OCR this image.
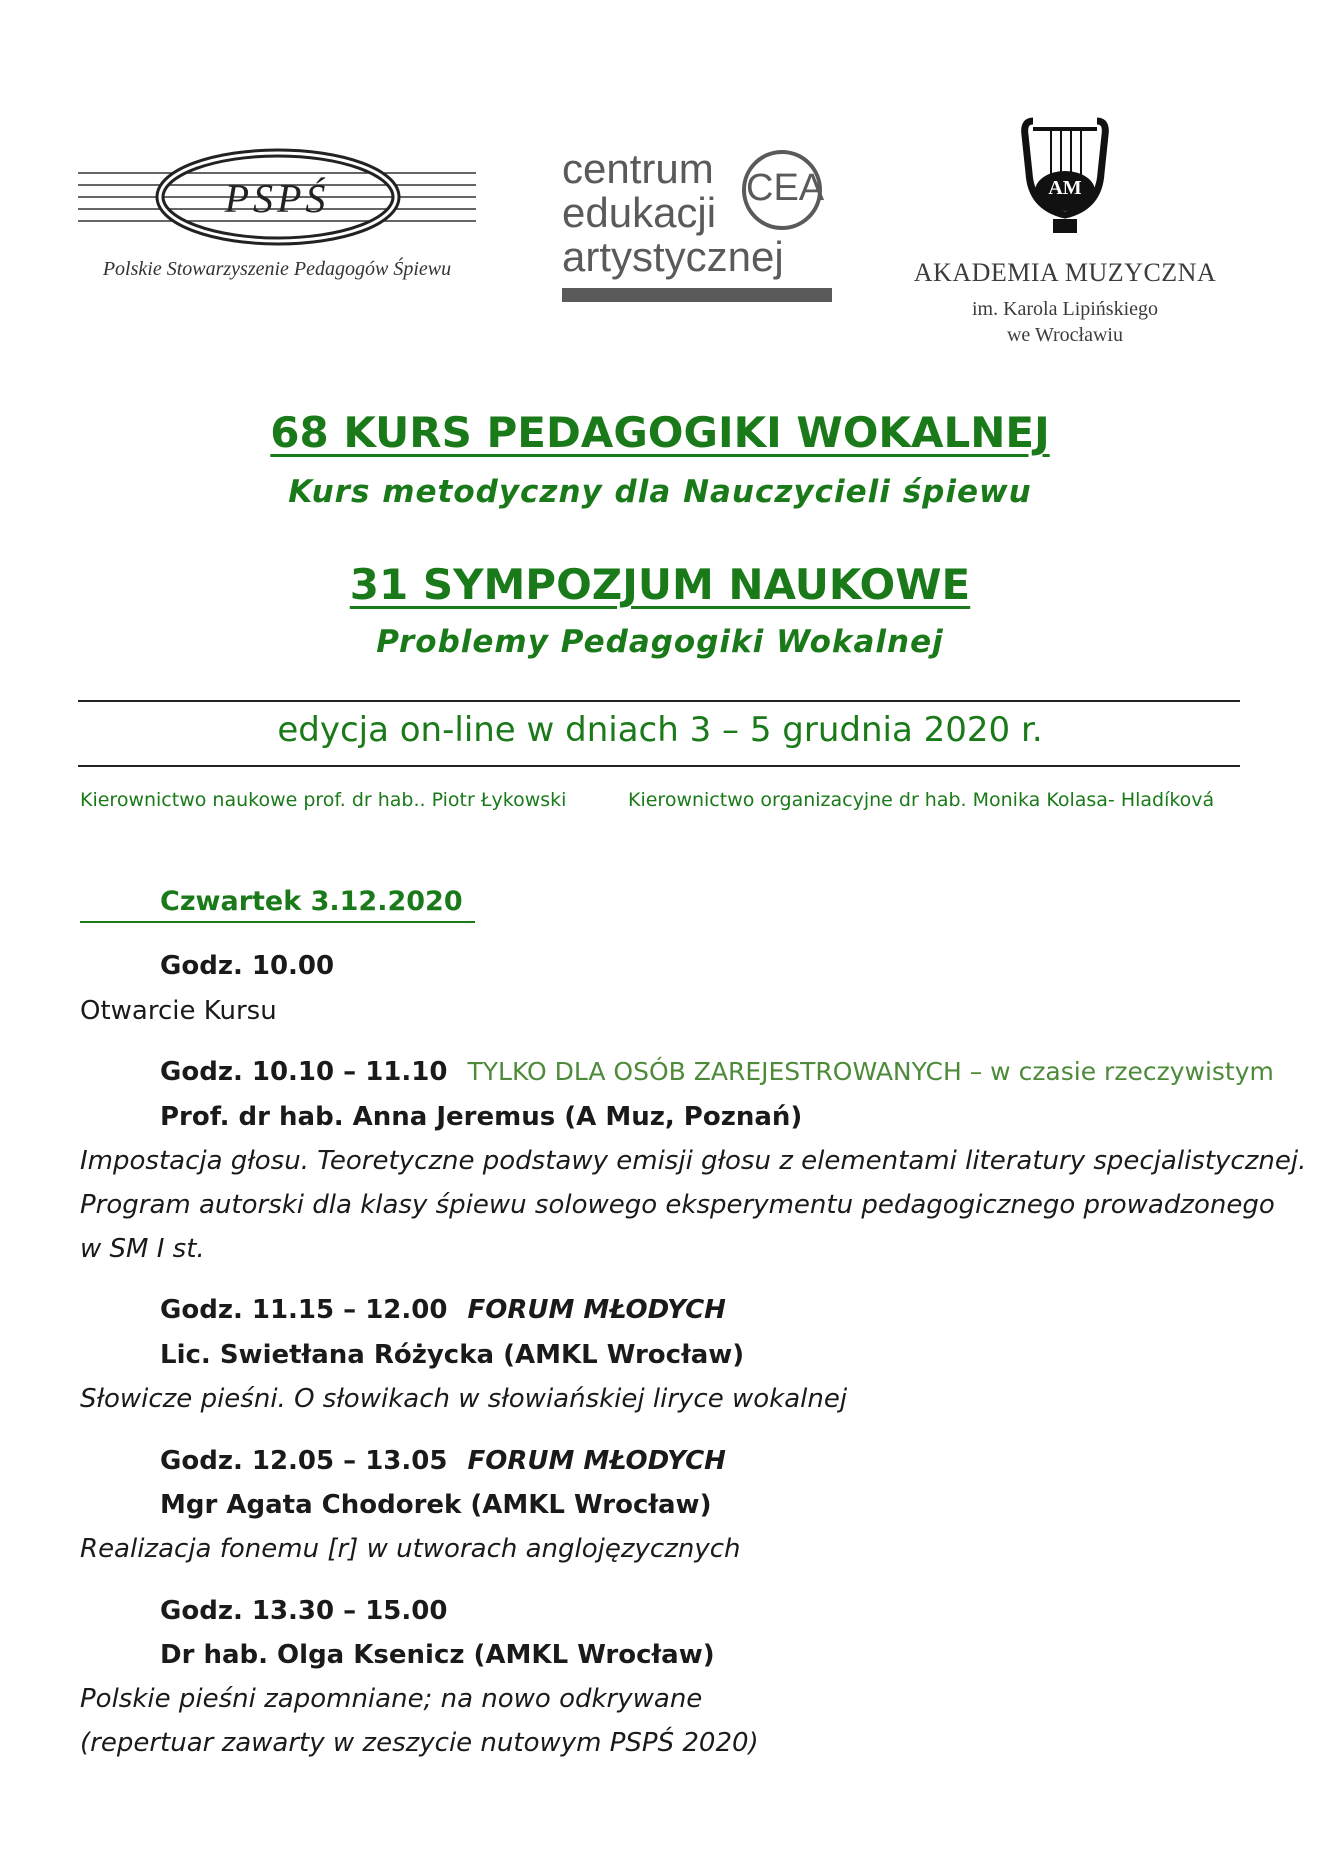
PSPŚ
Polskie Stowarzyszenie Pedagogów Śpiewu
centrum
edukacji
artystycznej
CEA	AM
AKADEMIA MUZYCZNA
im. Karola Lipińskiego
we Wrocławiu
68 KURS PEDAGOGIKI WOKALNEJ
Kurs metodyczny dla Nauczycieli śpiewu
31 SYMPOZJUM NAUKOWE
Problemy Pedagogiki Wokalnej
edycja on-line w dniach 3 – 5 grudnia 2020 r.
Kierownictwo naukowe prof. dr hab.. Piotr Łykowski	Kierownictwo organizacyjne dr hab. Monika Kolasa- Hladíková
Czwartek 3.12.2020
Godz. 10.00
Otwarcie Kursu
Godz. 10.10 – 11.10 TYLKO DLA OSÓB ZAREJESTROWANYCH – w czasie rzeczywistym
Prof. dr hab. Anna Jeremus (A Muz, Poznań)
Impostacja głosu. Teoretyczne podstawy emisji głosu z elementami literatury specjalistycznej.
Program autorski dla klasy śpiewu solowego eksperymentu pedagogicznego prowadzonego
w SM I st.
Godz. 11.15 – 12.00 FORUM MŁODYCH
Lic. Swietłana Różycka (AMKL Wrocław)
Słowicze pieśni. O słowikach w słowiańskiej liryce wokalnej
Godz. 12.05 – 13.05 FORUM MŁODYCH
Mgr Agata Chodorek (AMKL Wrocław)
Realizacja fonemu [r] w utworach anglojęzycznych
Godz. 13.30 – 15.00
Dr hab. Olga Ksenicz (AMKL Wrocław)
Polskie pieśni zapomniane; na nowo odkrywane
(repertuar zawarty w zeszycie nutowym PSPŚ 2020)
